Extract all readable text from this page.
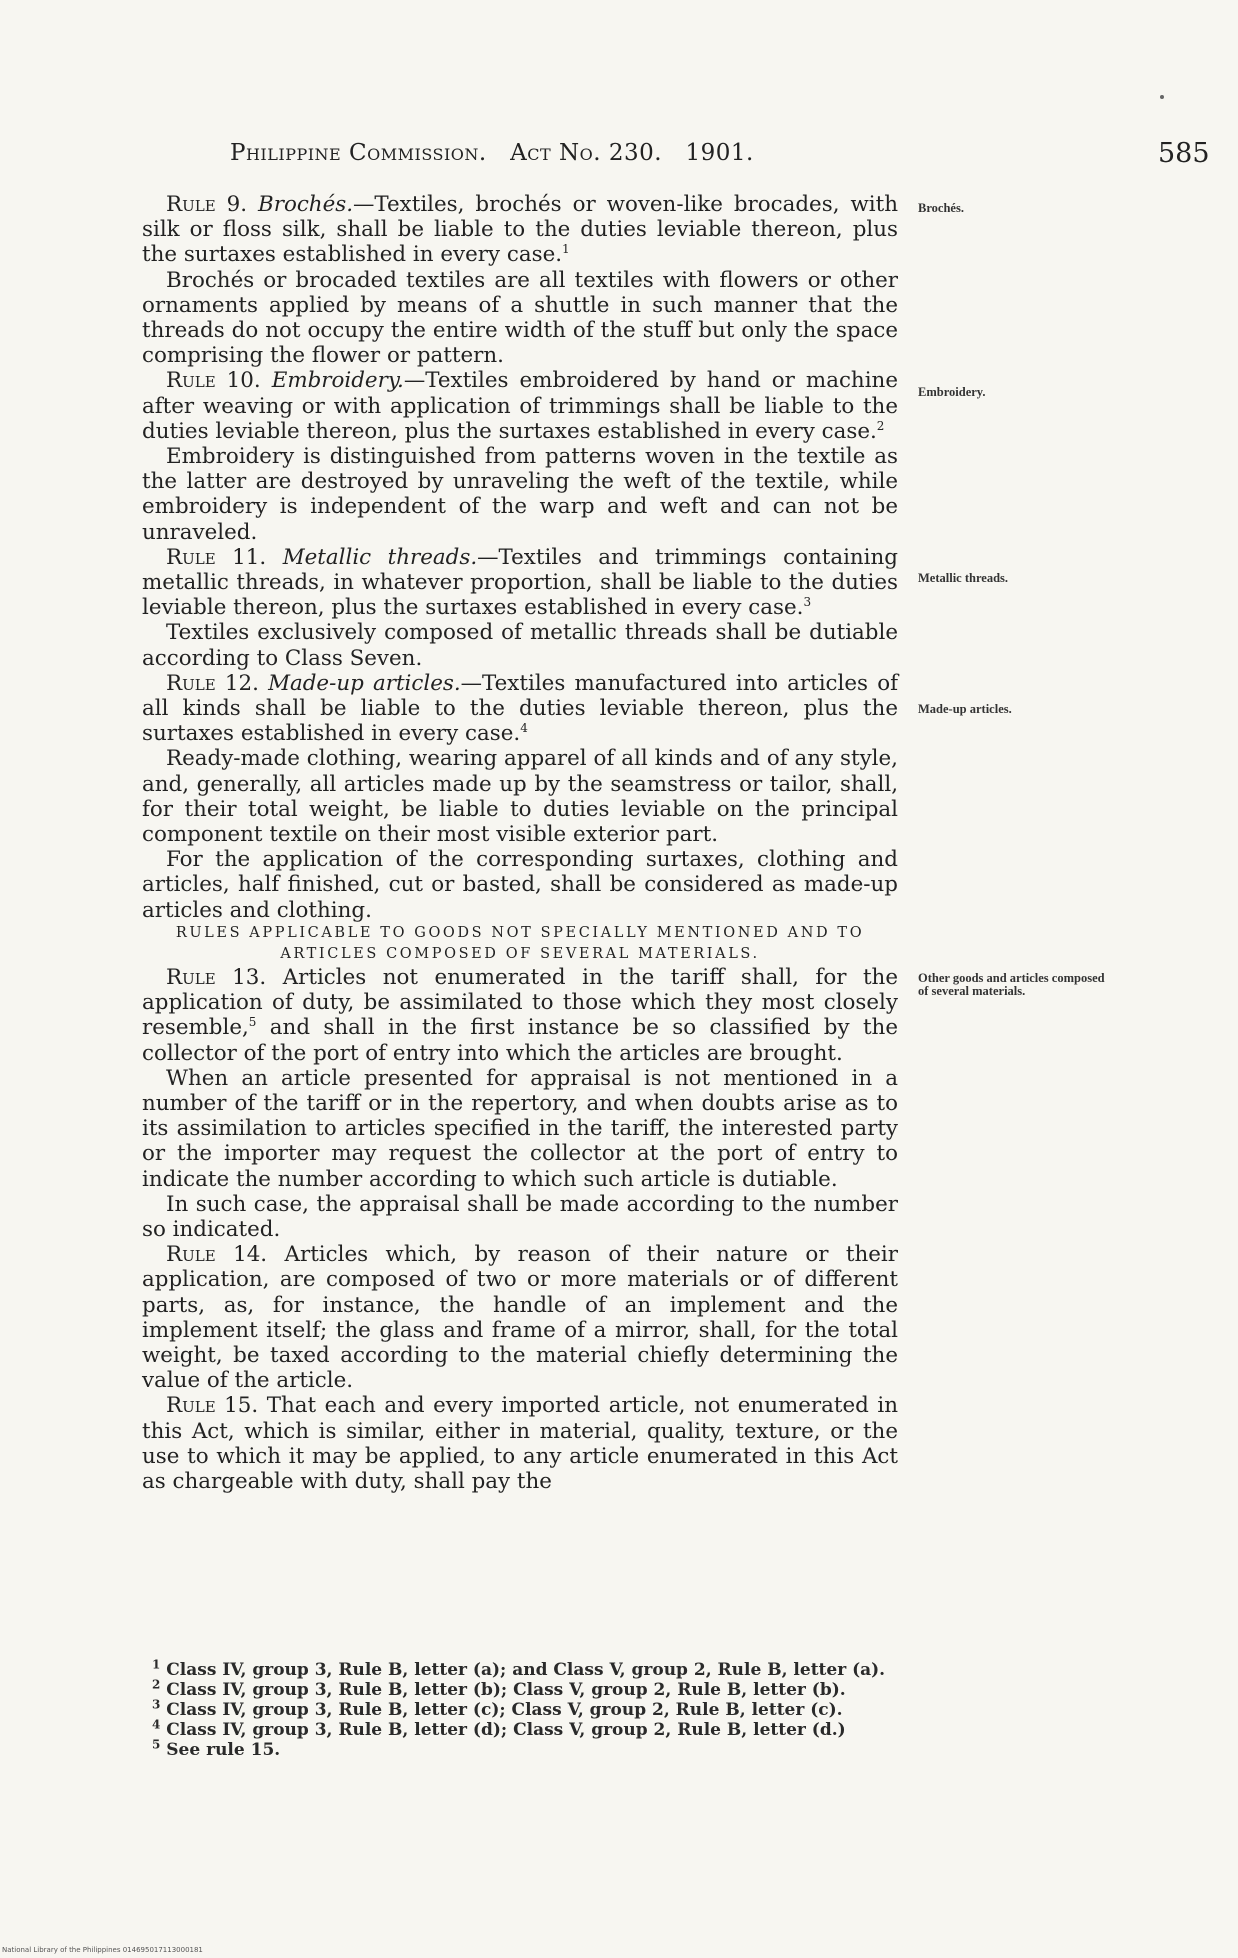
Philippine Commission.   Act No. 230.   1901.	585
Brochés.
Embroidery.
Metallic threads.
Made-up articles.
Other goods and articles composed of several materials.

Rule 9. Brochés.—Textiles, brochés or woven-like brocades, with silk or floss silk, shall be liable to the duties leviable thereon, plus the surtaxes established in every case.$^1$

Brochés or brocaded textiles are all textiles with flowers or other ornaments applied by means of a shuttle in such manner that the threads do not occupy the entire width of the stuff but only the space comprising the flower or pattern.

Rule 10. Embroidery.—Textiles embroidered by hand or machine after weaving or with application of trimmings shall be liable to the duties leviable thereon, plus the surtaxes established in every case.$^2$

Embroidery is distinguished from patterns woven in the textile as the latter are destroyed by unraveling the weft of the textile, while embroidery is independent of the warp and weft and can not be unraveled.

Rule 11. Metallic threads.—Textiles and trimmings containing metallic threads, in whatever proportion, shall be liable to the duties leviable thereon, plus the surtaxes established in every case.$^3$

Textiles exclusively composed of metallic threads shall be dutiable according to Class Seven.

Rule 12. Made-up articles.—Textiles manufactured into articles of all kinds shall be liable to the duties leviable thereon, plus the surtaxes established in every case.$^4$

Ready-made clothing, wearing apparel of all kinds and of any style, and, generally, all articles made up by the seamstress or tailor, shall, for their total weight, be liable to duties leviable on the principal component textile on their most visible exterior part.

For the application of the corresponding surtaxes, clothing and articles, half finished, cut or basted, shall be considered as made-up articles and clothing.

RULES APPLICABLE TO GOODS NOT SPECIALLY MENTIONED AND TO ARTICLES COMPOSED OF SEVERAL MATERIALS.

Rule 13. Articles not enumerated in the tariff shall, for the application of duty, be assimilated to those which they most closely resemble,$^5$ and shall in the first instance be so classified by the collector of the port of entry into which the articles are brought.

When an article presented for appraisal is not mentioned in a number of the tariff or in the repertory, and when doubts arise as to its assimilation to articles specified in the tariff, the interested party or the importer may request the collector at the port of entry to indicate the number according to which such article is dutiable.

In such case, the appraisal shall be made according to the number so indicated.

Rule 14. Articles which, by reason of their nature or their application, are composed of two or more materials or of different parts, as, for instance, the handle of an implement and the implement itself; the glass and frame of a mirror, shall, for the total weight, be taxed according to the material chiefly determining the value of the article.

Rule 15. That each and every imported article, not enumerated in this Act, which is similar, either in material, quality, texture, or the use to which it may be applied, to any article enumerated in this Act as chargeable with duty, shall pay the

$^1$ Class IV, group 3, Rule B, letter (a); and Class V, group 2, Rule B, letter (a).

$^2$ Class IV, group 3, Rule B, letter (b); Class V, group 2, Rule B, letter (b).

$^3$ Class IV, group 3, Rule B, letter (c); Class V, group 2, Rule B, letter (c).

$^4$ Class IV, group 3, Rule B, letter (d); Class V, group 2, Rule B, letter (d.)

$^5$ See rule 15.

National Library of the Philippines 014695017113000181
